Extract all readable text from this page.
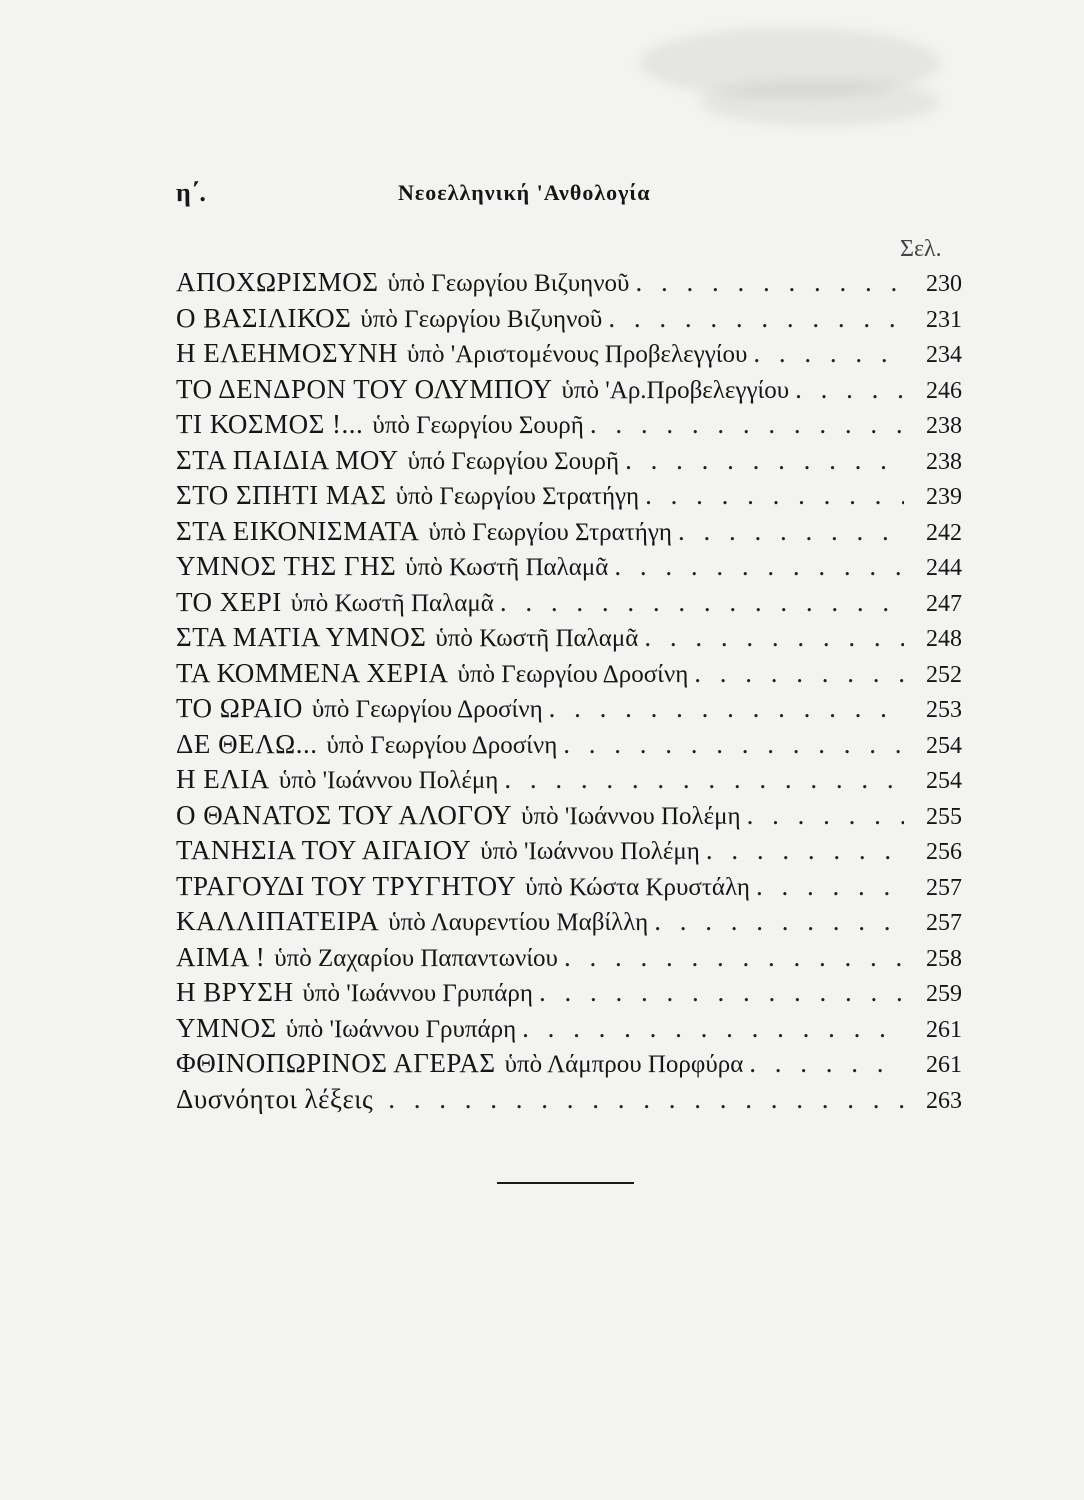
η΄.	Νεοελληνική 'Ανθολογία
Σελ.
ΑΠΟΧΩΡΙΣΜΟΣ ὑπὸ Γεωργίου Βιζυηνοῦ . . .	230
Ο ΒΑΣΙΛΙΚΟΣ ὑπὸ Γεωργίου Βιζυηνοῦ . . .	231
Η ΕΛΕΗΜΟΣΥΝΗ ὑπὸ 'Αριστομένους Προβελεγγίου . . .	234
ΤΟ ΔΕΝΔΡΟΝ ΤΟΥ ΟΛΥΜΠΟΥ ὑπὸ 'Αρ.Προβελεγγίου . . .	246
ΤΙ ΚΟΣΜΟΣ !... ὑπὸ Γεωργίου Σουρῆ . . .	238
ΣΤΑ ΠΑΙΔΙΑ ΜΟΥ ὑπό Γεωργίου Σουρῆ . . .	238
ΣΤΟ ΣΠΗΤΙ ΜΑΣ ὑπὸ Γεωργίου Στρατήγη . . .	239
ΣΤΑ ΕΙΚΟΝΙΣΜΑΤΑ ὑπὸ Γεωργίου Στρατήγη . . .	242
ΥΜΝΟΣ ΤΗΣ ΓΗΣ ὑπὸ Κωστῆ Παλαμᾶ . . .	244
ΤΟ ΧΕΡΙ ὑπὸ Κωστῆ Παλαμᾶ . . .	247
ΣΤΑ ΜΑΤΙΑ ΥΜΝΟΣ ὑπὸ Κωστῆ Παλαμᾶ . . .	248
ΤΑ ΚΟΜΜΕΝΑ ΧΕΡΙΑ ὑπὸ Γεωργίου Δροσίνη . . .	252
ΤΟ ΩΡΑΙΟ ὑπὸ Γεωργίου Δροσίνη . . .	253
ΔΕ ΘΕΛΩ... ὑπὸ Γεωργίου Δροσίνη . . .	254
Η ΕΛΙΑ ὑπὸ 'Ιωάννου Πολέμη . . .	254
Ο ΘΑΝΑΤΟΣ ΤΟΥ ΑΛΟΓΟΥ ὑπὸ 'Ιωάννου Πολέμη . . .	255
ΤΑΝΗΣΙΑ ΤΟΥ ΑΙΓΑΙΟΥ ὑπὸ 'Ιωάννου Πολέμη . . .	256
ΤΡΑΓΟΥΔΙ ΤΟΥ ΤΡΥΓΗΤΟΥ ὑπὸ Κώστα Κρυστάλη . . .	257
ΚΑΛΛΙΠΑΤΕΙΡΑ ὑπὸ Λαυρεντίου Μαβίλλη . . .	257
ΑΙΜΑ ! ὑπὸ Ζαχαρίου Παπαντωνίου . . .	258
Η ΒΡΥΣΗ ὑπὸ 'Ιωάννου Γρυπάρη . . .	259
ΥΜΝΟΣ ὑπὸ 'Ιωάννου Γρυπάρη . . .	261
ΦΘΙΝΟΠΩΡΙΝΟΣ ΑΓΕΡΑΣ ὑπὸ Λάμπρου Πορφύρα . . .	261
Δυσνόητοι λέξεις . . .	263
